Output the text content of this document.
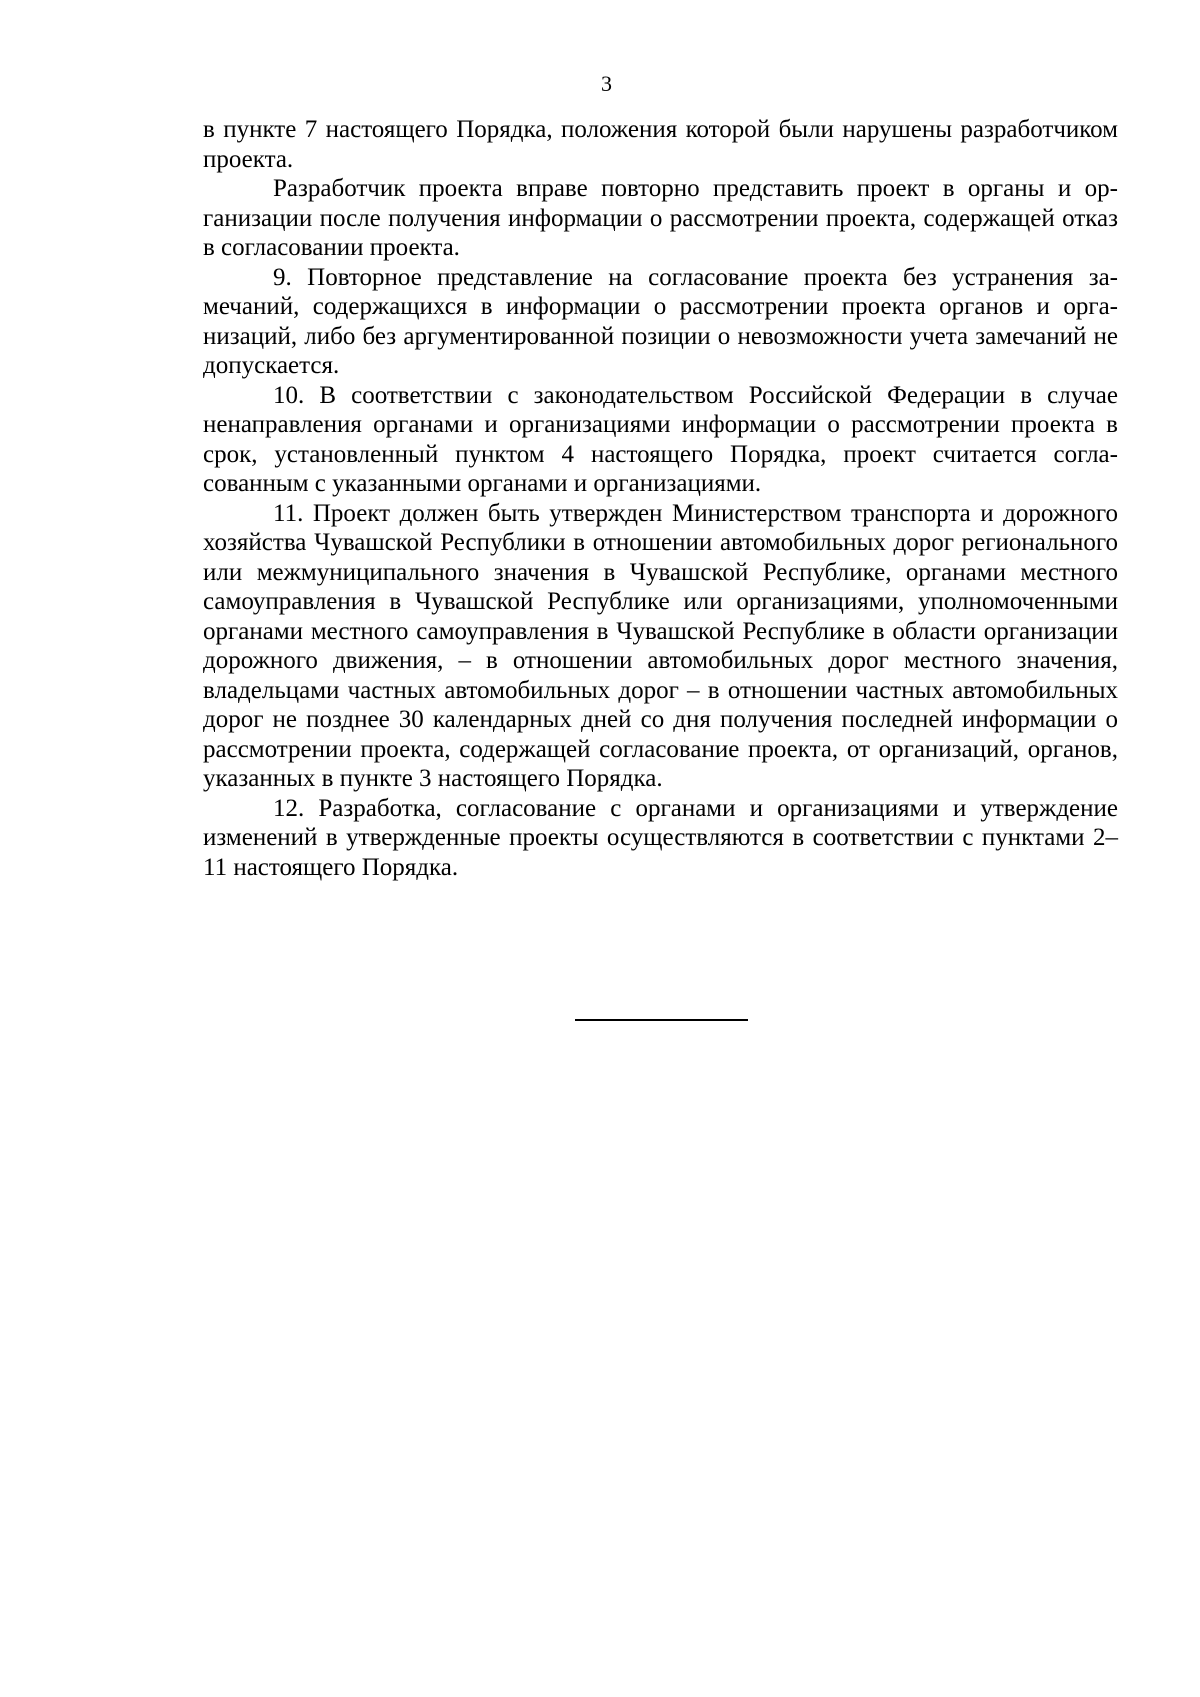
3

в пункте 7 настоящего Порядка, положения которой были нарушены разработчиком проекта.

Разработчик проекта вправе повторно представить проект в органы и организации после получения информации о рассмотрении проекта, содержащей отказ в согласовании проекта.

9. Повторное представление на согласование проекта без устранения замечаний, содержащихся в информации о рассмотрении проекта органов и организаций, либо без аргументированной позиции о невозможности учета замечаний не допускается.

10. В соответствии с законодательством Российской Федерации в случае ненаправления органами и организациями информации о рассмотрении проекта в срок, установленный пунктом 4 настоящего Порядка, проект считается согласованным с указанными органами и организациями.

11. Проект должен быть утвержден Министерством транспорта и дорожного хозяйства Чувашской Республики в отношении автомобильных дорог регионального или межмуниципального значения в Чувашской Республике, органами местного самоуправления в Чувашской Республике или организациями, уполномоченными органами местного самоуправления в Чувашской Республике в области организации дорожного движения, – в отношении автомобильных дорог местного значения, владельцами частных автомобильных дорог – в отношении частных автомобильных дорог не позднее 30 календарных дней со дня получения последней информации о рассмотрении проекта, содержащей согласование проекта, от организаций, органов, указанных в пункте 3 настоящего Порядка.

12. Разработка, согласование с органами и организациями и утверждение изменений в утвержденные проекты осуществляются в соответствии с пунктами 2–11 настоящего Порядка.
